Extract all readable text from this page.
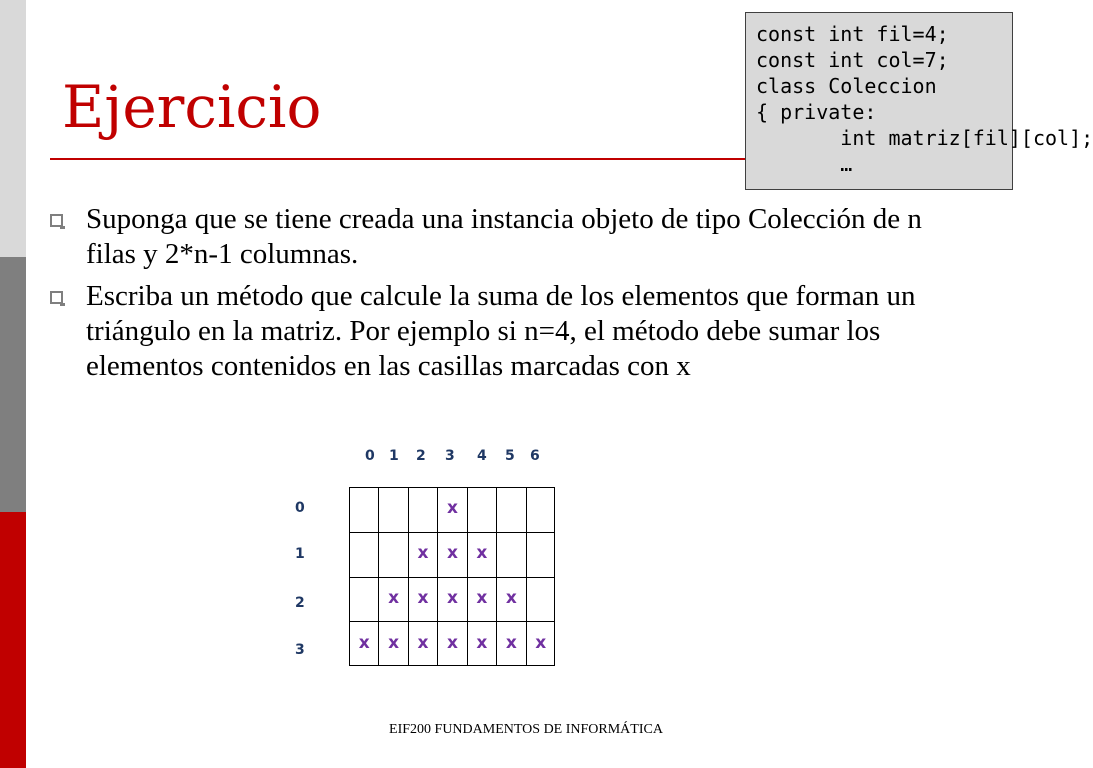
Ejercicio
const int fil=4;
const int col=7;
class Coleccion
{ private:
int matriz[fil][col];
…
Suponga que se tiene creada una instancia objeto de tipo Colección de n filas y 2*n-1 columnas.
Escriba un método que calcule la suma de los elementos que forman un triángulo en la matriz. Por ejemplo si n=4, el método debe sumar los elementos contenidos en las casillas marcadas con x
0 1 2 3 4 5 6
0
1
2
3
x
x x x
x x x x x
x x x x x x x
EIF200 FUNDAMENTOS DE INFORMÁTICA
